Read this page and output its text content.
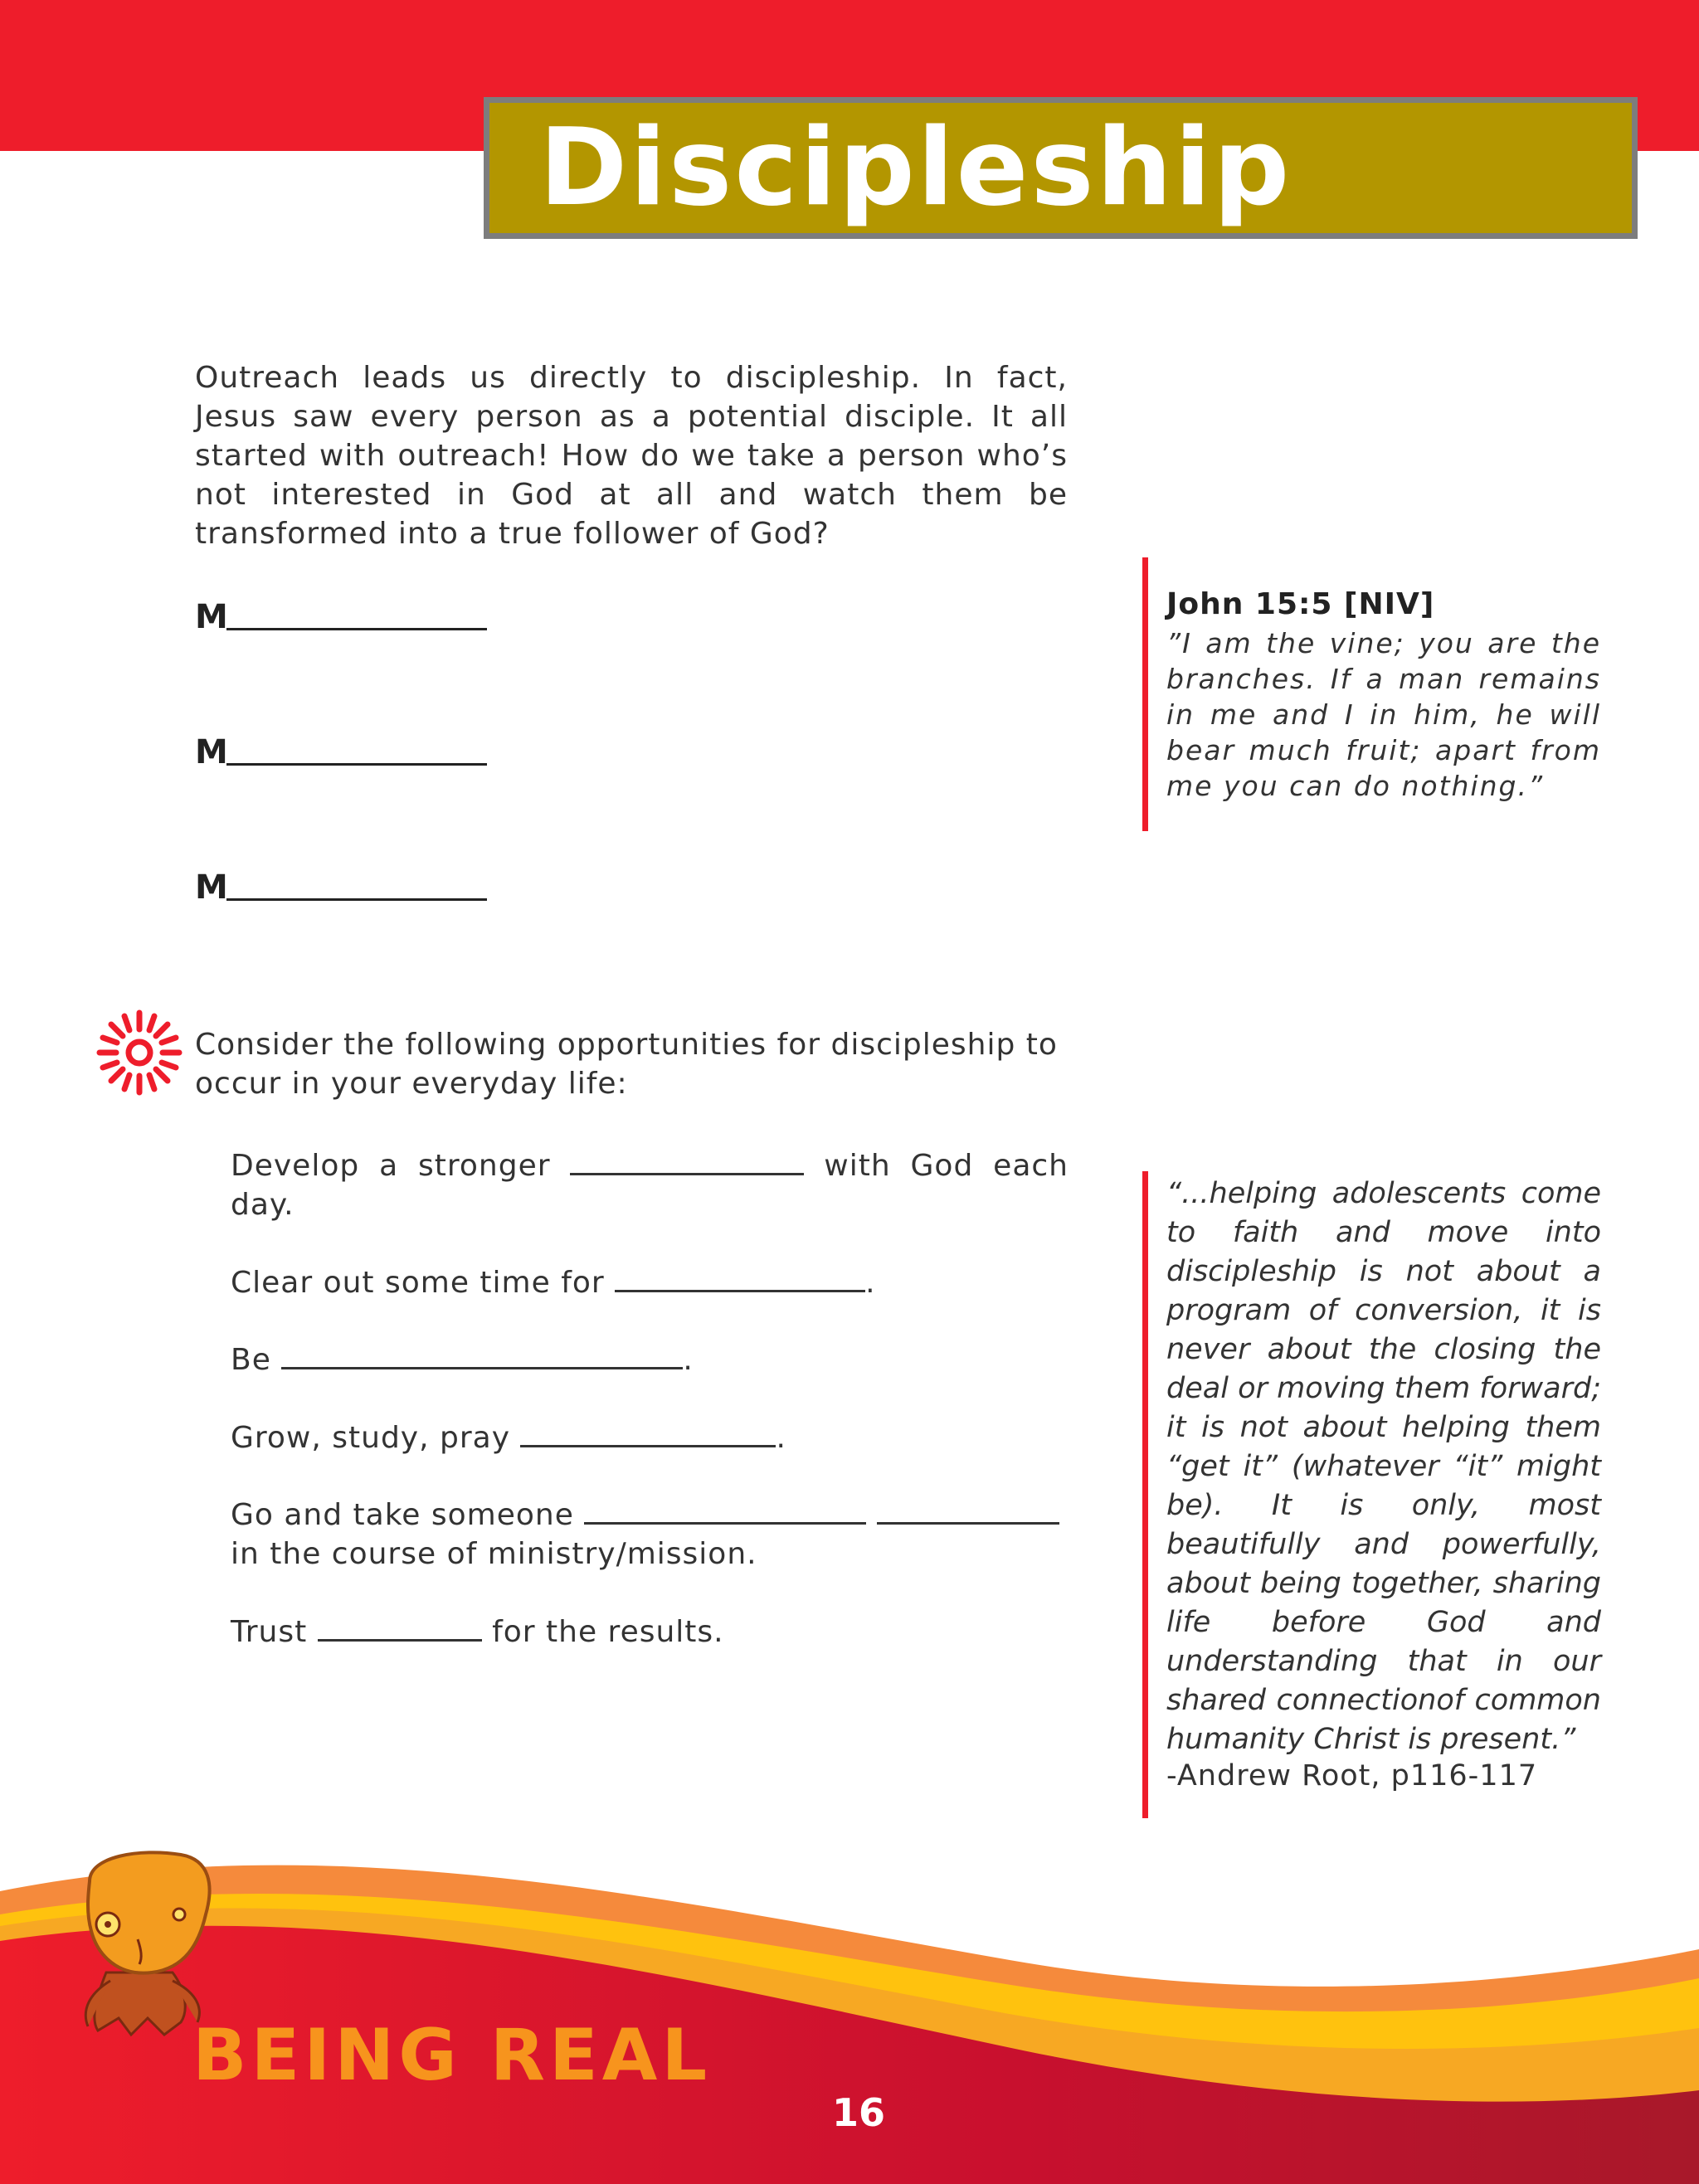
Discipleship
Outreach leads us directly to discipleship. In fact, Jesus saw every person as a potential disciple. It all started with outreach! How do we take a person who’s not interested in God at all and watch them be transformed into a true follower of God?
M
M
M
John 15:5 [NIV]
”I am the vine; you are the branches. If a man remains in me and I in him, he will bear much fruit; apart from me you can do nothing.”
Consider the following opportunities for discipleship to occur in your everyday life:
Develop a stronger	with God each day.
Clear out some time for	.
Be	.
Grow, study, pray	.
Go and take someone   in the course of ministry/mission.
Trust	for the results.
“...helping adolescents come to faith and move into discipleship is not about a program of conversion, it is never about the closing the deal or moving them forward; it is not about helping them “get it” (whatever “it” might be). It is only, most beautifully and powerfully, about being together, sharing life before God and understanding that in our shared connectionof common humanity Christ is present.”
-Andrew Root, p116-117
BEING REAL
16
